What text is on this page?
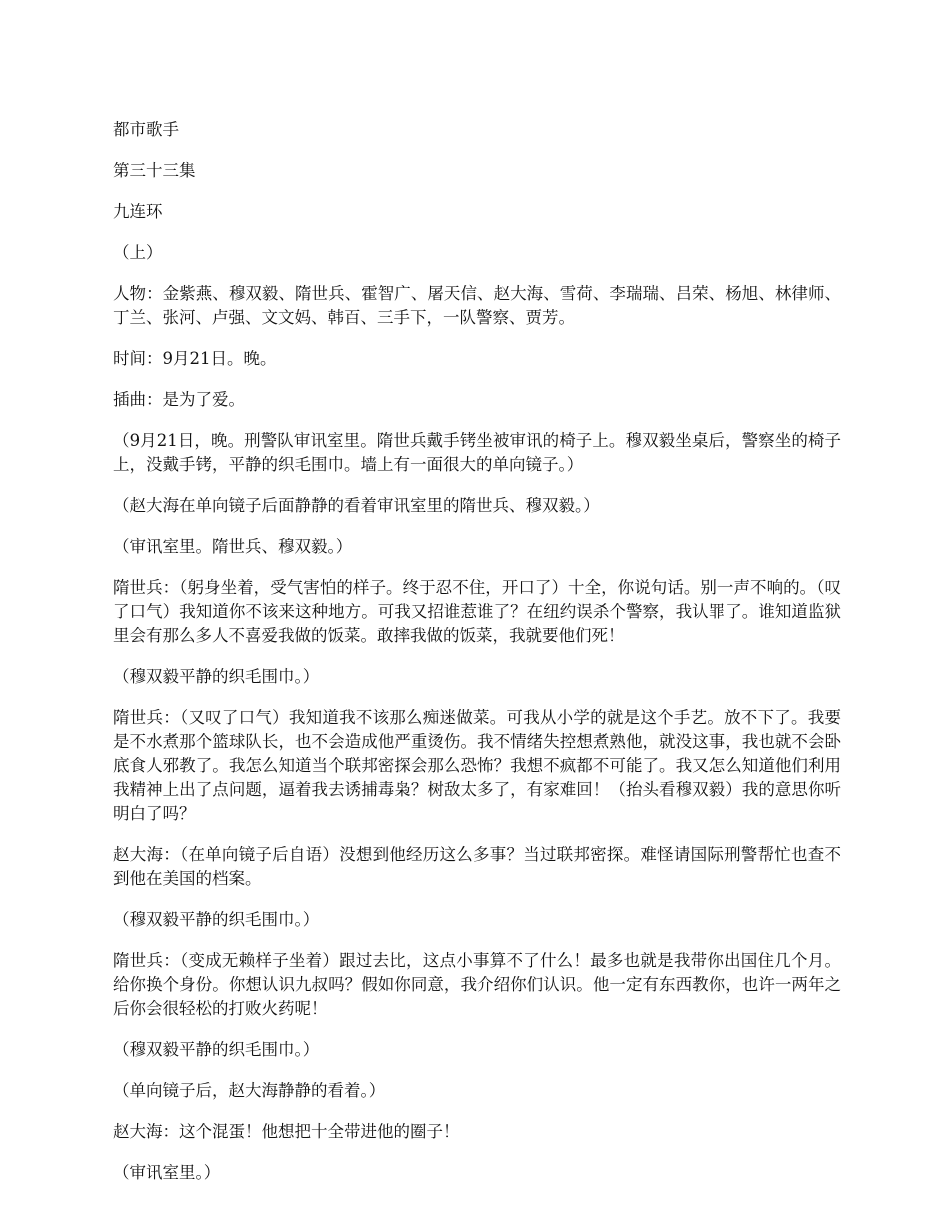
都市歌手

第三十三集

九连环

（上）

人物：金紫燕、穆双毅、隋世兵、霍智广、屠天信、赵大海、雪荷、李瑞瑞、吕荣、杨旭、林律师、丁兰、张河、卢强、文文妈、韩百、三手下，一队警察、贾芳。

时间：9月21日。晚。

插曲：是为了爱。

（9月21日，晚。刑警队审讯室里。隋世兵戴手铐坐被审讯的椅子上。穆双毅坐桌后，警察坐的椅子上，没戴手铐，平静的织毛围巾。墙上有一面很大的单向镜子。）

（赵大海在单向镜子后面静静的看着审讯室里的隋世兵、穆双毅。）

（审讯室里。隋世兵、穆双毅。）

隋世兵：（躬身坐着，受气害怕的样子。终于忍不住，开口了）十全，你说句话。别一声不响的。（叹了口气）我知道你不该来这种地方。可我又招谁惹谁了？在纽约误杀个警察，我认罪了。谁知道监狱里会有那么多人不喜爱我做的饭菜。敢摔我做的饭菜，我就要他们死！

（穆双毅平静的织毛围巾。）

隋世兵：（又叹了口气）我知道我不该那么痴迷做菜。可我从小学的就是这个手艺。放不下了。我要是不水煮那个篮球队长，也不会造成他严重烫伤。我不情绪失控想煮熟他，就没这事，我也就不会卧底食人邪教了。我怎么知道当个联邦密探会那么恐怖？我想不疯都不可能了。我又怎么知道他们利用我精神上出了点问题，逼着我去诱捕毒枭？树敌太多了，有家难回！（抬头看穆双毅）我的意思你听明白了吗？

赵大海：（在单向镜子后自语）没想到他经历这么多事？当过联邦密探。难怪请国际刑警帮忙也查不到他在美国的档案。

（穆双毅平静的织毛围巾。）

隋世兵：（变成无赖样子坐着）跟过去比，这点小事算不了什么！最多也就是我带你出国住几个月。给你换个身份。你想认识九叔吗？假如你同意，我介绍你们认识。他一定有东西教你，也许一两年之后你会很轻松的打败火药呢！

（穆双毅平静的织毛围巾。）

（单向镜子后，赵大海静静的看着。）

赵大海：这个混蛋！他想把十全带进他的圈子！

（审讯室里。）
